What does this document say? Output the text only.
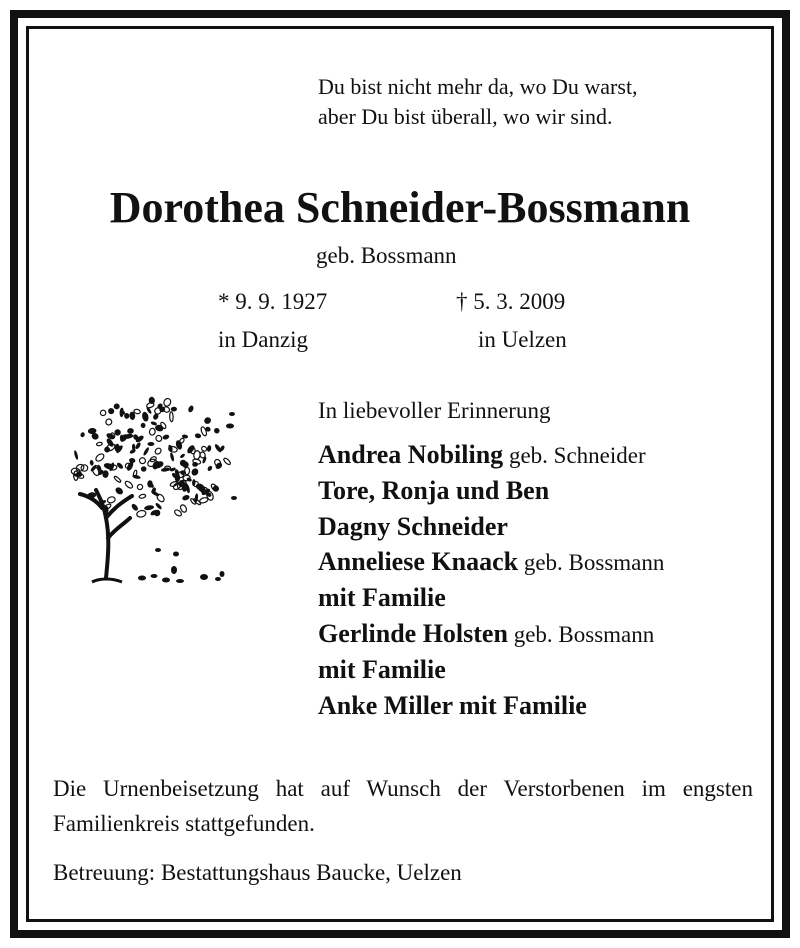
Du bist nicht mehr da, wo Du warst,
aber Du bist überall, wo wir sind.
Dorothea Schneider-Bossmann
geb. Bossmann
* 9. 9. 1927
in Danzig
† 5. 3. 2009
in Uelzen
In liebevoller Erinnerung
Andrea Nobiling geb. Schneider
Tore, Ronja und Ben
Dagny Schneider
Anneliese Knaack geb. Bossmann
mit Familie
Gerlinde Holsten geb. Bossmann
mit Familie
Anke Miller mit Familie
Die Urnenbeisetzung hat auf Wunsch der Verstorbenen im engsten Familienkreis stattgefunden.
Betreuung: Bestattungshaus Baucke, Uelzen
